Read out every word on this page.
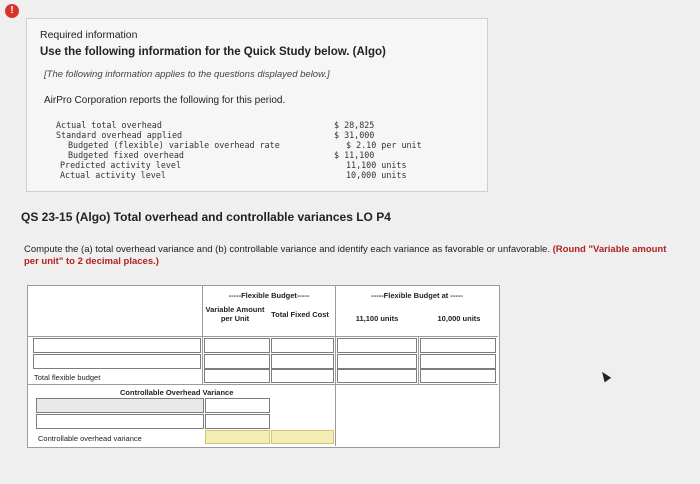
!
Required information
Use the following information for the Quick Study below. (Algo)
[The following information applies to the questions displayed below.]
AirPro Corporation reports the following for this period.
Actual total overhead
Standard overhead applied
Budgeted (flexible) variable overhead rate
Budgeted fixed overhead
Predicted activity level
Actual activity level
$ 28,825
$ 31,000
$ 2.10 per unit
$ 11,100
11,100 units
10,000 units
QS 23-15 (Algo) Total overhead and controllable variances LO P4
Compute the (a) total overhead variance and (b) controllable variance and identify each variance as favorable or unfavorable. (Round "Variable amount per unit" to 2 decimal places.)
-----Flexible Budget-----
Variable Amount per Unit	Total Fixed Cost
-----Flexible Budget at -----
11,100 units	10,000 units
Total flexible budget
Controllable Overhead Variance
Controllable overhead variance
